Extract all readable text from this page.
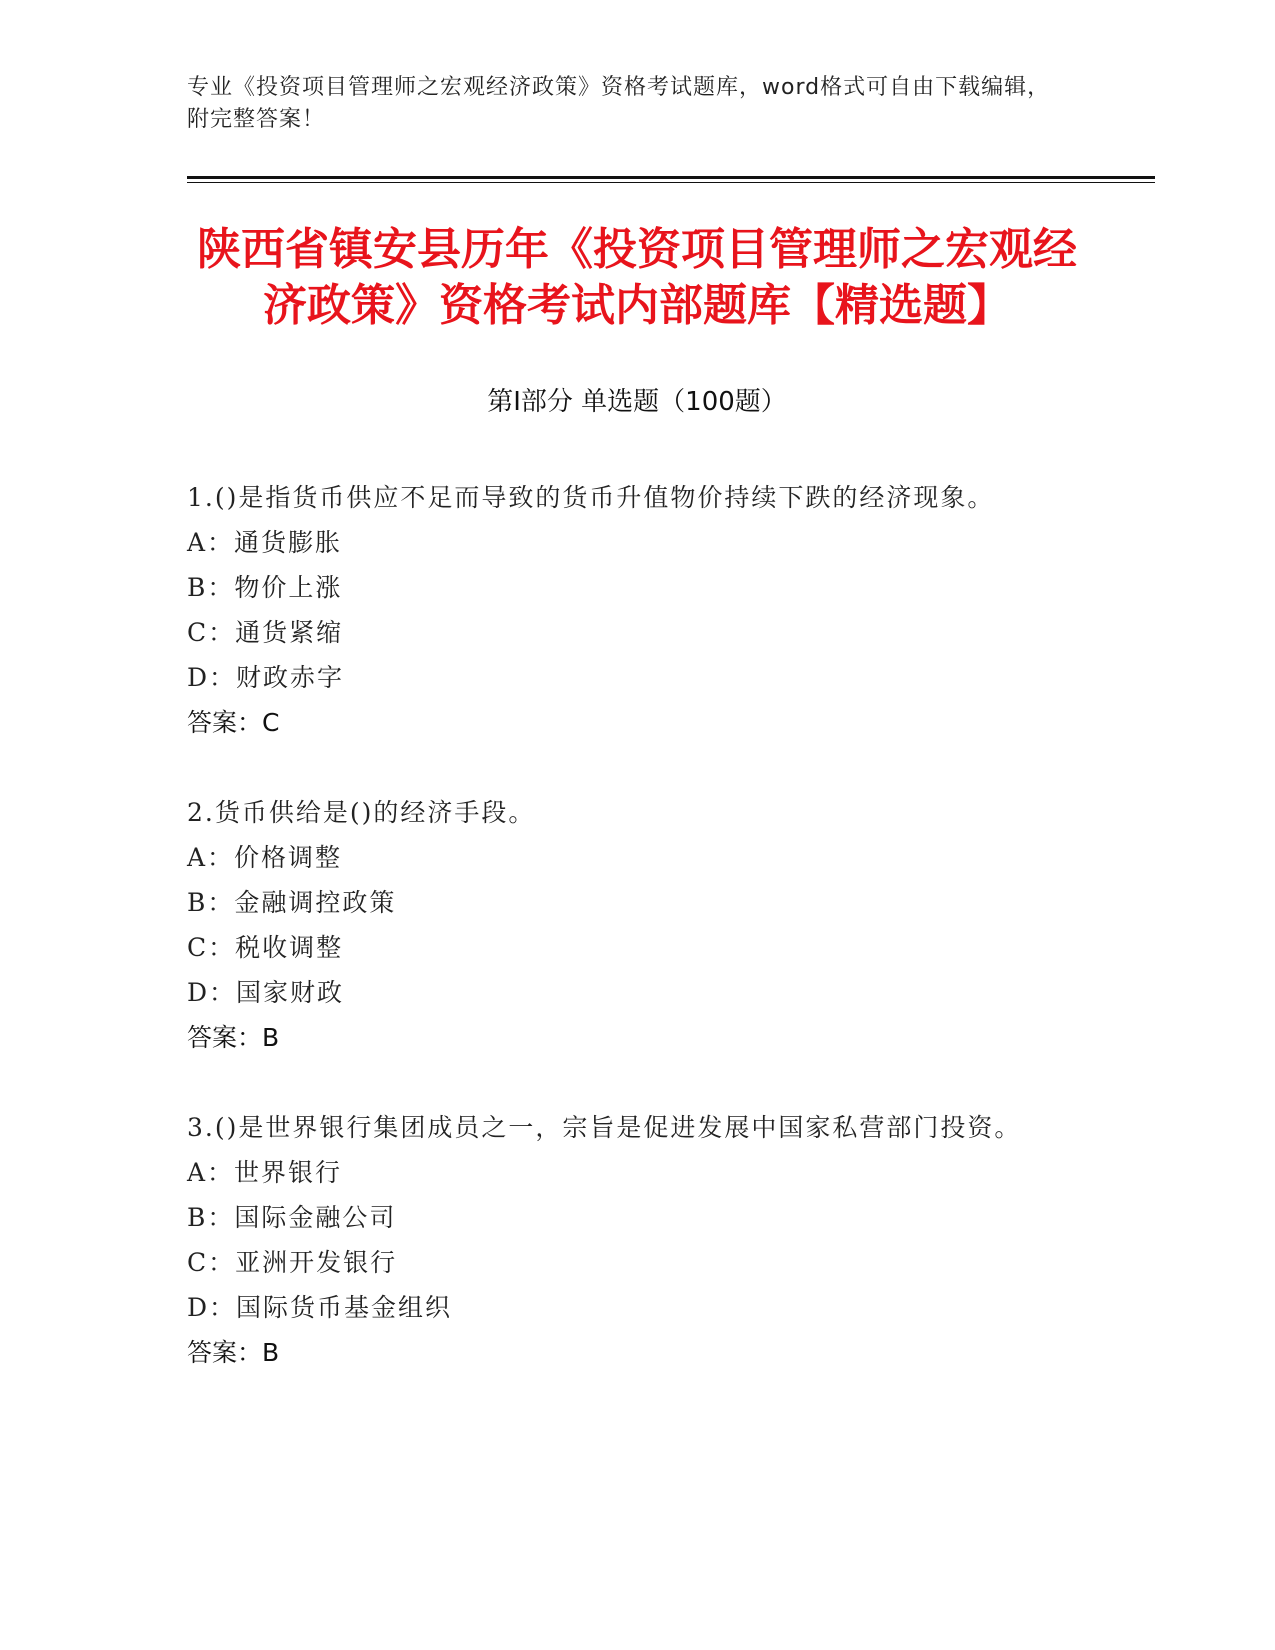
专业《投资项目管理师之宏观经济政策》资格考试题库，word格式可自由下载编辑，附完整答案！
陕西省镇安县历年《投资项目管理师之宏观经济政策》资格考试内部题库【精选题】
第Ⅰ部分 单选题（100题）
1.()是指货币供应不足而导致的货币升值物价持续下跌的经济现象。
A：通货膨胀
B：物价上涨
C：通货紧缩
D：财政赤字
答案：C
2.货币供给是()的经济手段。
A：价格调整
B：金融调控政策
C：税收调整
D：国家财政
答案：B
3.()是世界银行集团成员之一，宗旨是促进发展中国家私营部门投资。
A：世界银行
B：国际金融公司
C：亚洲开发银行
D：国际货币基金组织
答案：B
